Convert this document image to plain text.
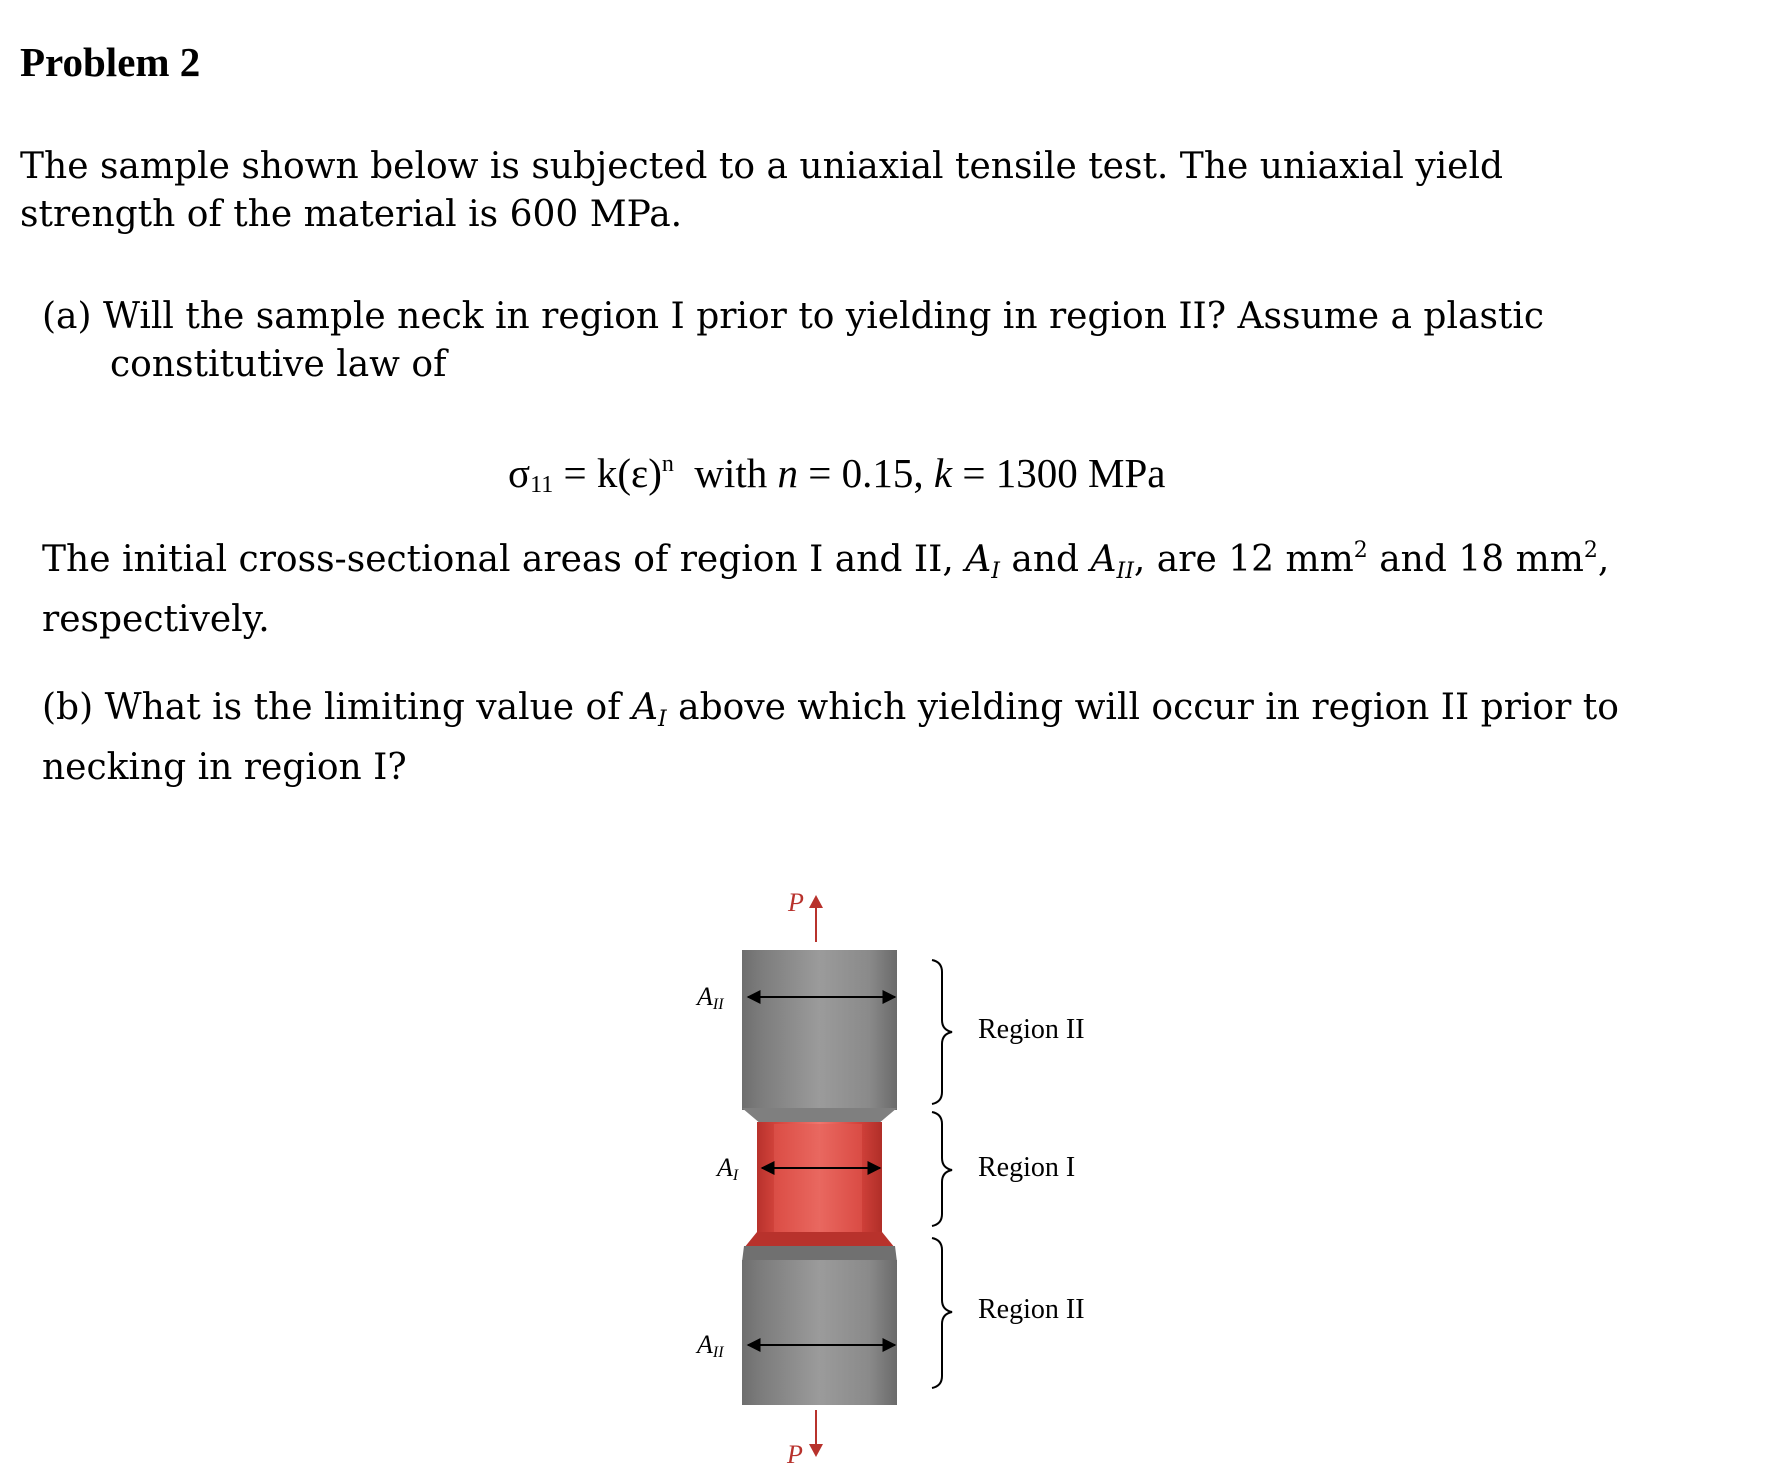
Problem 2
The sample shown below is subjected to a uniaxial tensile test. The uniaxial yield
strength of the material is 600 MPa.
(a) Will the sample neck in region I prior to yielding in region II? Assume a plastic
constitutive law of
$\sigma 11 = k(\varepsilon)^n$  with n = 0.15, k = 1300 MPa
The initial cross-sectional areas of region I and II, AI and AII, are 12 $mm^2$ and 18 $mm^2$,
respectively.
(b) What is the limiting value of AI above which yielding will occur in region II prior to
necking in region I?
P
AII
AI
AII
Region II
Region I
Region II
P
